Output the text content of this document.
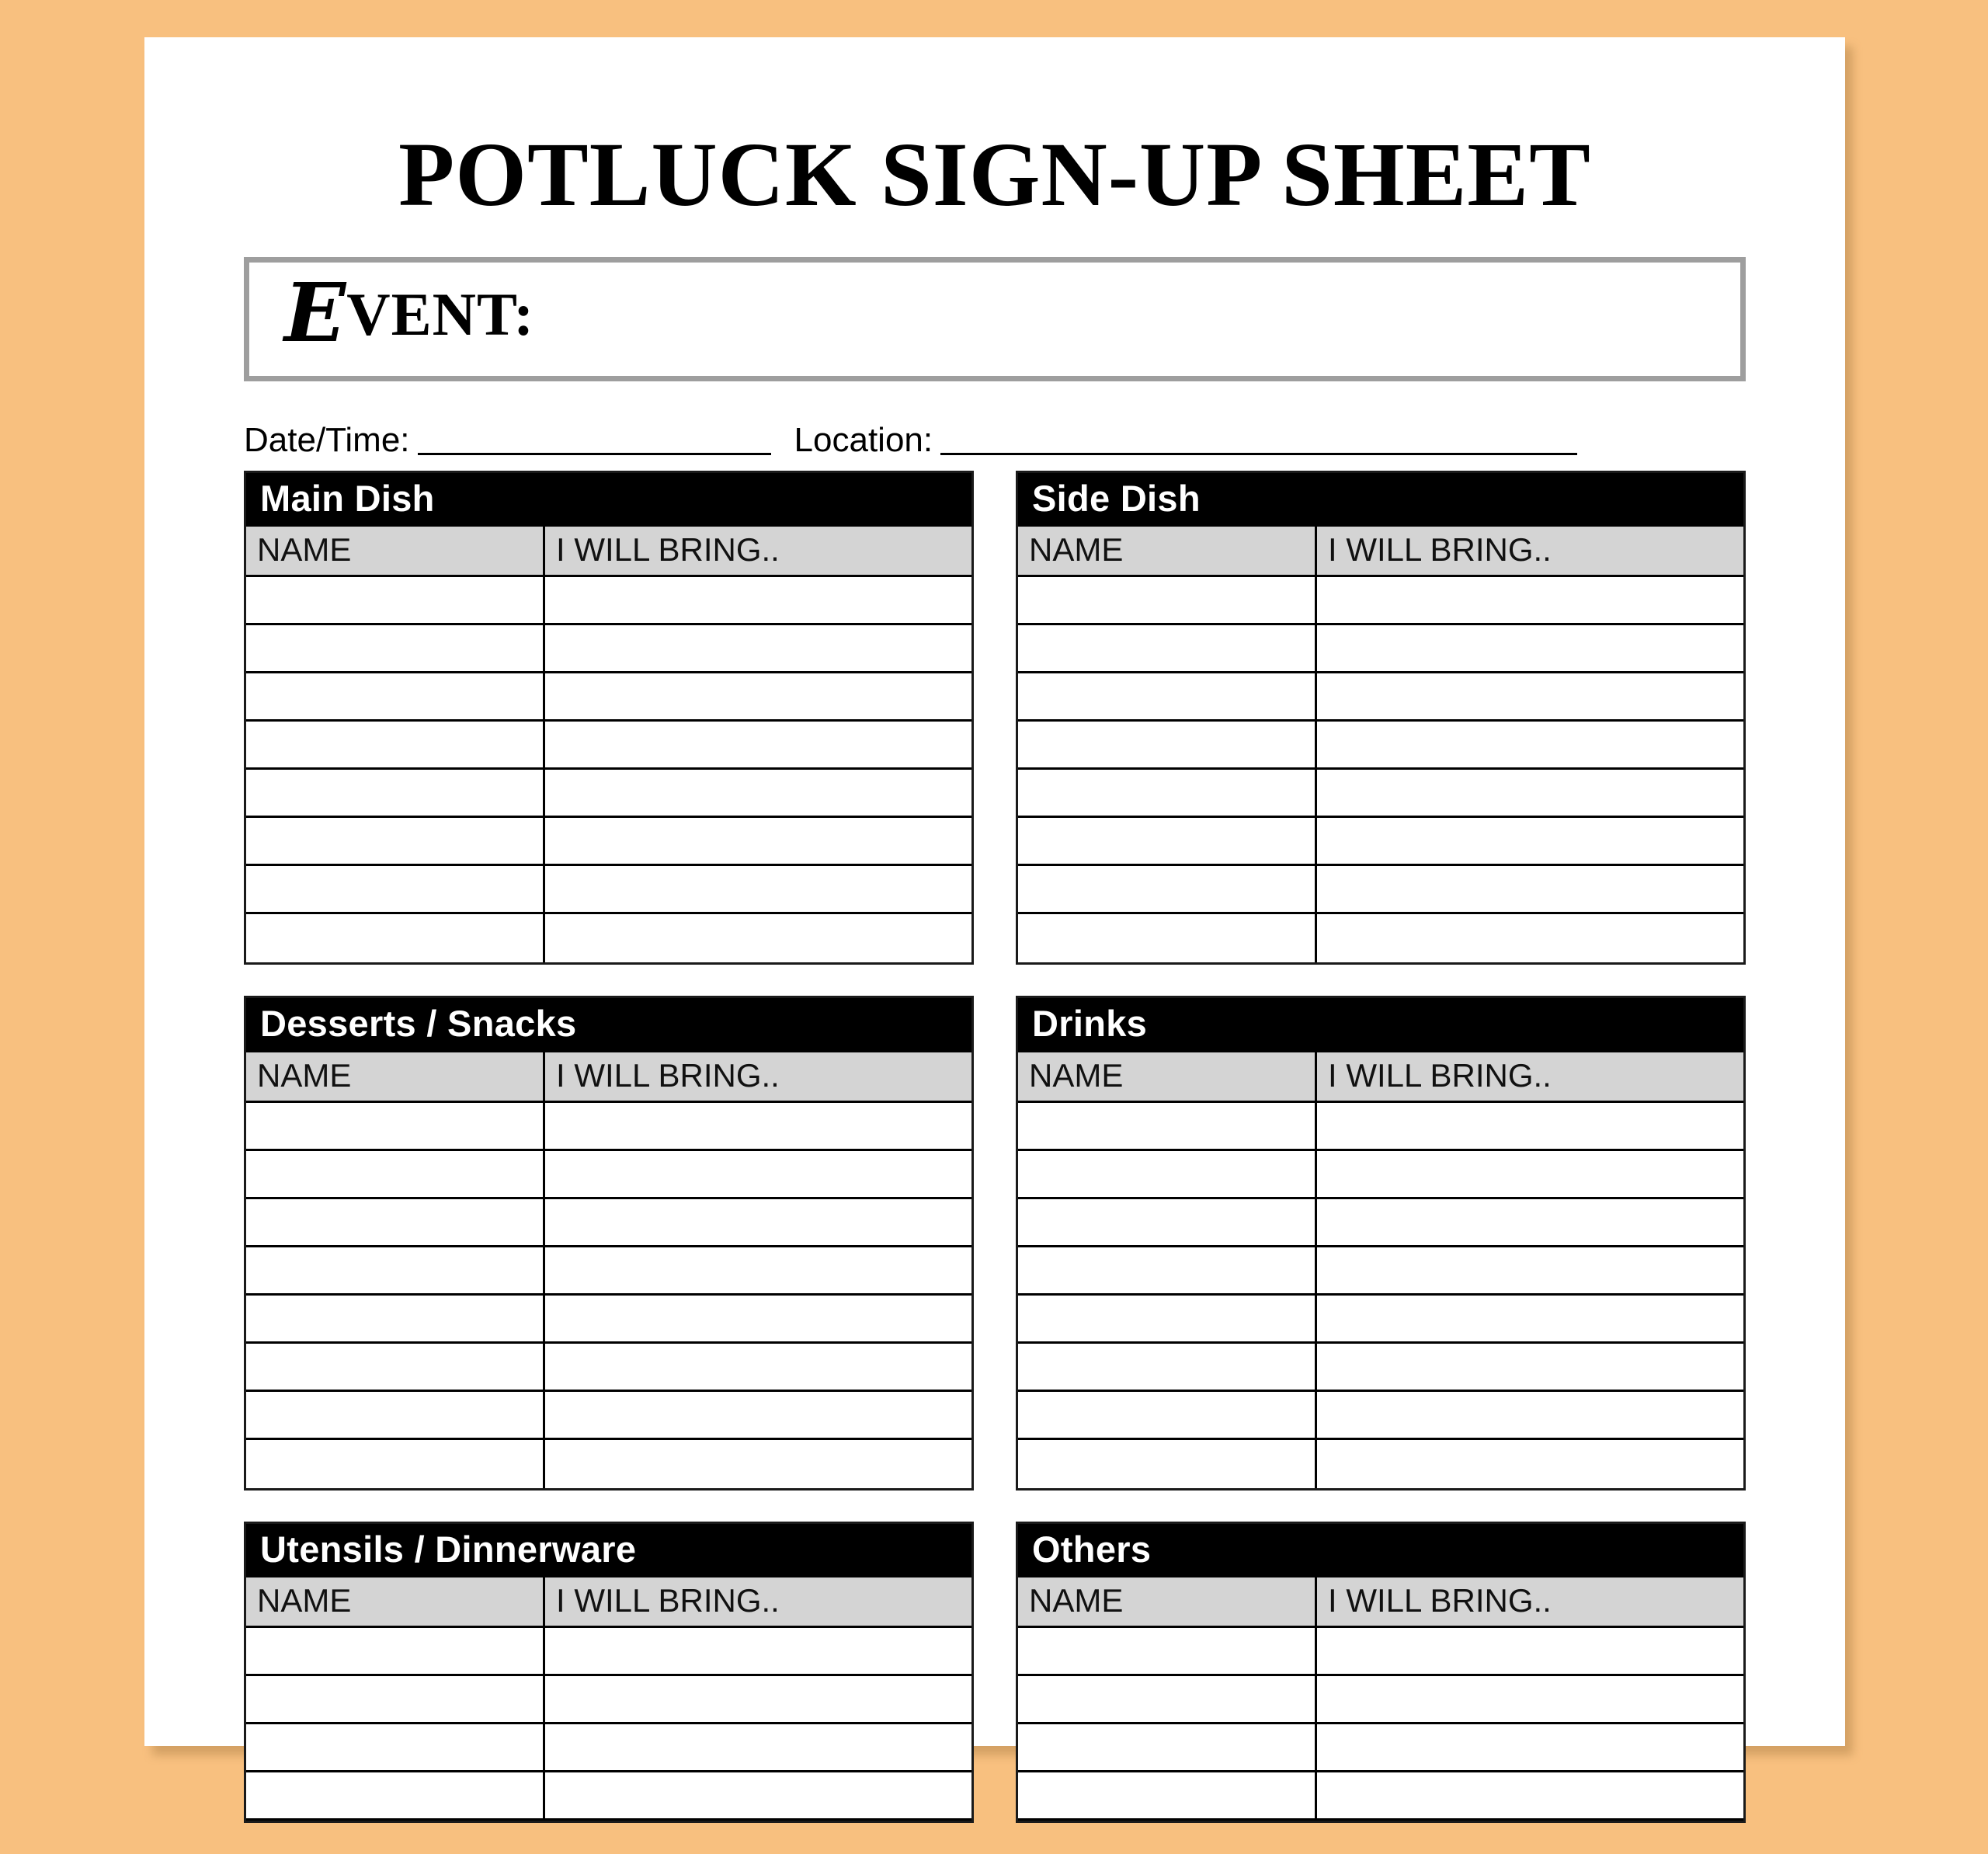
POTLUCK SIGN-UP SHEET
EVENT:
Date/Time:	Location:
Main Dish
NAME	I WILL BRING..
Side Dish
NAME	I WILL BRING..
Desserts / Snacks
NAME	I WILL BRING..
Drinks
NAME	I WILL BRING..
Utensils / Dinnerware
NAME	I WILL BRING..
Others
NAME	I WILL BRING..
